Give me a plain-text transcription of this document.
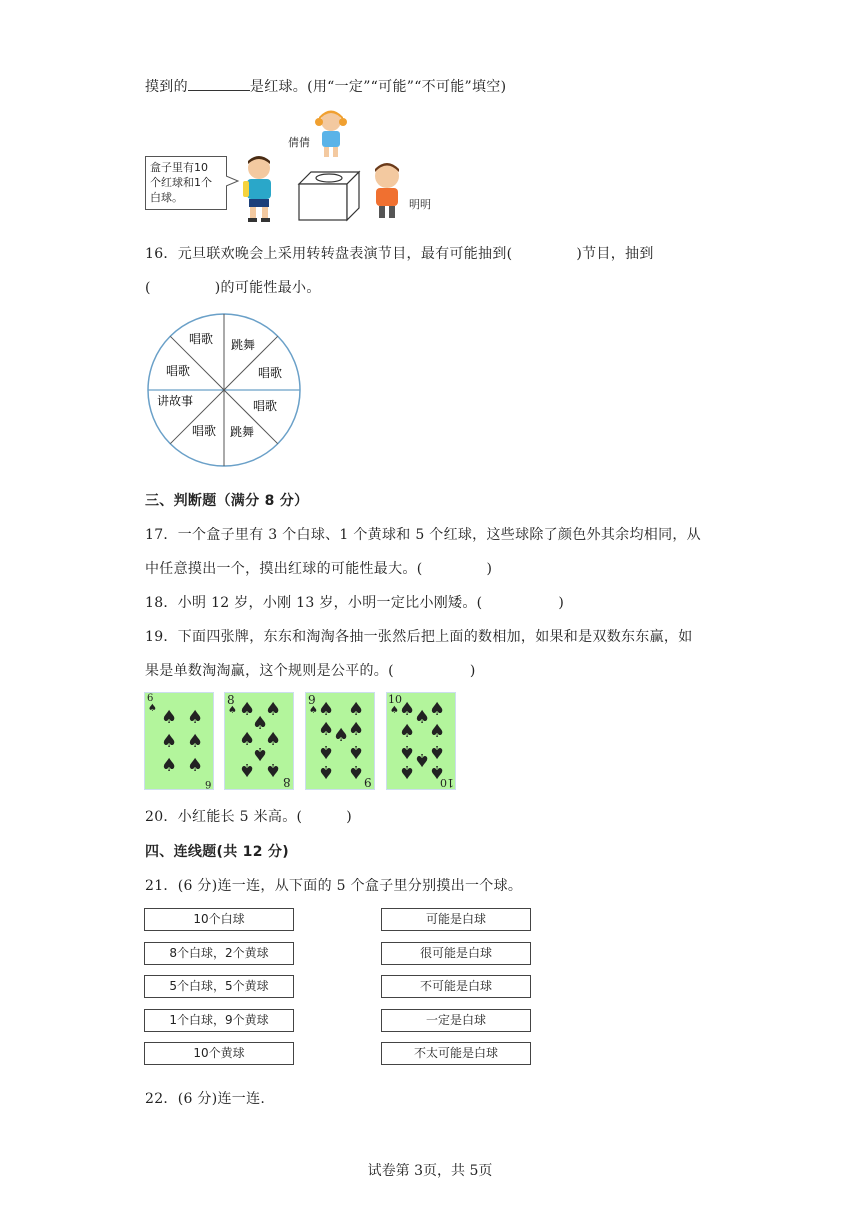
摸到的	是红球。(用“一定”“可能”“不可能”填空)
盒子里有10
个红球和1个
白球。
倩倩
明明
16．元旦联欢晚会上采用转转盘表演节目，最有可能抽到(	)节目，抽到
(	)的可能性最小。
唱歌 跳舞
唱歌
唱歌
跳舞
唱歌
讲故事
唱歌
三、判断题（满分 8 分）
17．一个盒子里有 3 个白球、1 个黄球和 5 个红球，这些球除了颜色外其余均相同，从
中任意摸出一个，摸出红球的可能性最大。(	)
18．小明 12 岁，小刚 13 岁，小明一定比小刚矮。(	)
19．下面四张牌，东东和淘淘各抽一张然后把上面的数相加，如果和是双数东东赢，如
果是单数淘淘赢，这个规则是公平的。(	)
6
♠ ♠ ♠
♠ ♠
♠ ♠
6
8
♠ ♠ ♠
♠
♠ ♠
♠
♠ ♠
8
9
♠ ♠ ♠
♠
♠
♠
♠ ♠
♠ ♠ 9
10
♠ ♠ ♠
♠
♠ ♠
♠ ♠
♠
♠ ♠
10
20．小红能长 5 米高。(	)
四、连线题(共 12 分)
21．(6 分)连一连，从下面的 5 个盒子里分别摸出一个球。
10个白球
8个白球，2个黄球
5个白球，5个黄球
1个白球，9个黄球
10个黄球
可能是白球
很可能是白球
不可能是白球
一定是白球
不太可能是白球
22．(6 分)连一连.
试卷第 3页，共 5页
